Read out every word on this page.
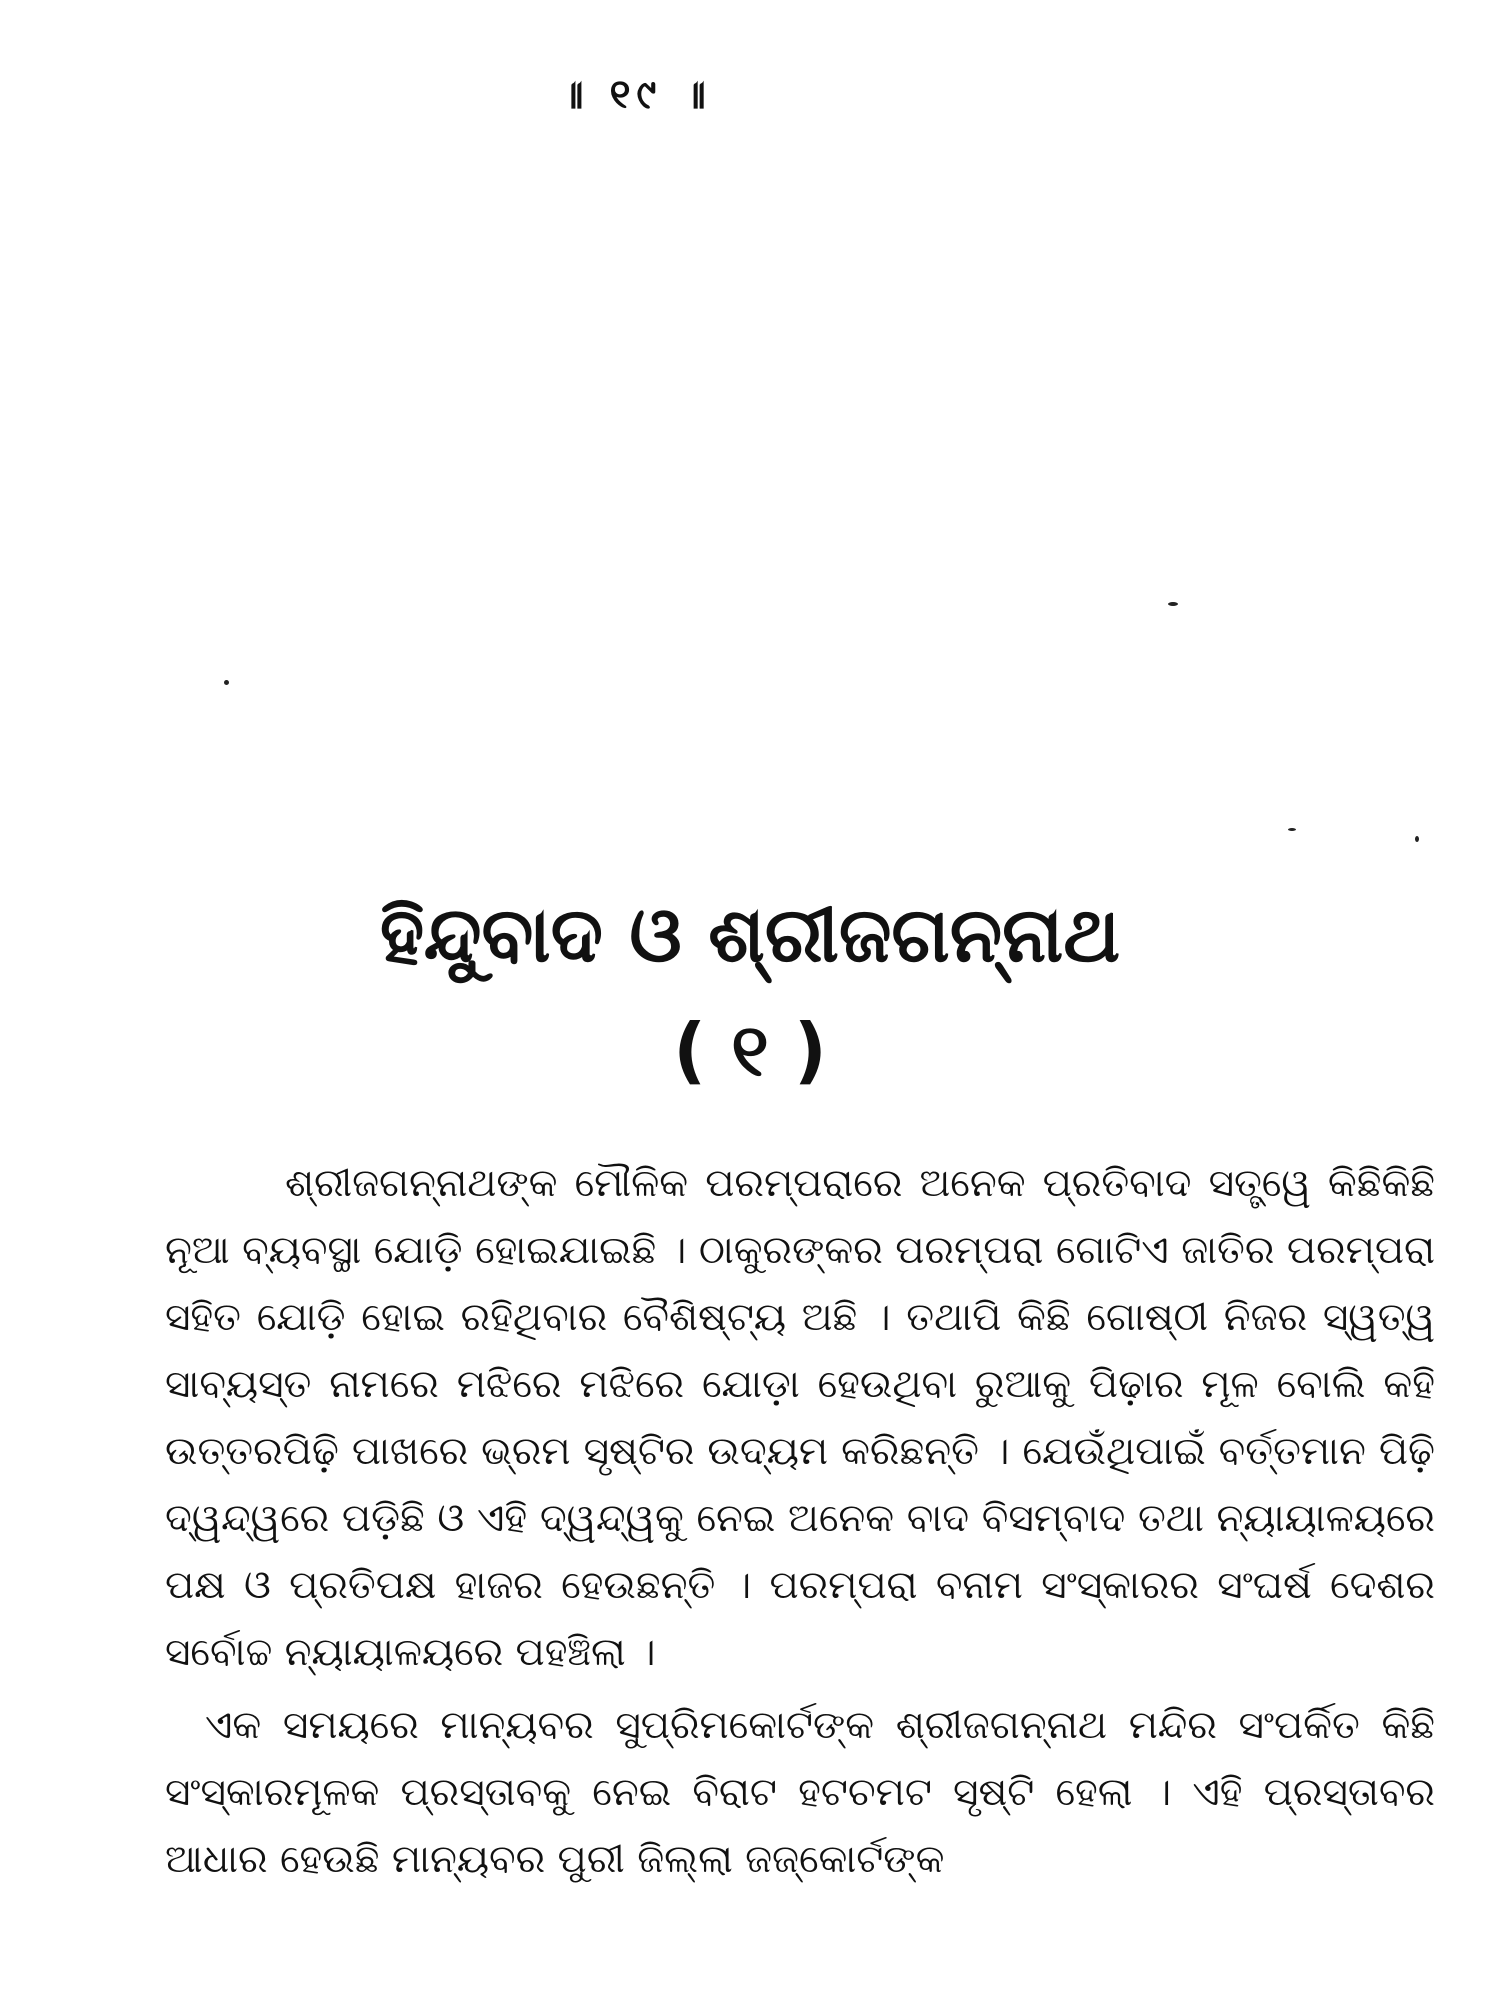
॥ ୧୯ ॥
ହିନ୍ଦୁବାଦ ଓ ଶ୍ରୀଜଗନ୍ନାଥ
( ୧ )

ଶ୍ରୀଜଗନ୍ନାଥଙ୍କ ମୌଳିକ ପରମ୍ପରାରେ ଅନେକ ପ୍ରତିବାଦ ସତ୍ତ୍ୱେ କିଛିକିଛି ନୂଆ ବ୍ୟବସ୍ଥା ଯୋଡ଼ି ହୋଇଯାଇଛି । ଠାକୁରଙ୍କର ପରମ୍ପରା ଗୋଟିଏ ଜାତିର ପରମ୍ପରା ସହିତ ଯୋଡ଼ି ହୋଇ ରହିଥିବାର ବୈଶିଷ୍ଟ୍ୟ ଅଛି । ତଥାପି କିଛି ଗୋଷ୍ଠୀ ନିଜର ସ୍ୱତ୍ୱ ସାବ୍ୟସ୍ତ ନାମରେ ମଝିରେ ମଝିରେ ଯୋଡ଼ା ହେଉଥିବା ରୁଆକୁ ପିଢ଼ାର ମୂଳ ବୋଲି କହି ଉତ୍ତରପିଢ଼ି ପାଖରେ ଭ୍ରମ ସୃଷ୍ଟିର ଉଦ୍ୟମ କରିଛନ୍ତି । ଯେଉଁଥିପାଇଁ ବର୍ତ୍ତମାନ ପିଢ଼ି ଦ୍ୱନ୍ଦ୍ୱରେ ପଡ଼ିଛି ଓ ଏହି ଦ୍ୱନ୍ଦ୍ୱକୁ ନେଇ ଅନେକ ବାଦ ବିସମ୍ବାଦ ତଥା ନ୍ୟାୟାଳୟରେ ପକ୍ଷ ଓ ପ୍ରତିପକ୍ଷ ହାଜର ହେଉଛନ୍ତି । ପରମ୍ପରା ବନାମ ସଂସ୍କାରର ସଂଘର୍ଷ ଦେଶର ସର୍ବୋଚ୍ଚ ନ୍ୟାୟାଳୟରେ ପହଞ୍ଚିଲା ।

ଏକ ସମୟରେ ମାନ୍ୟବର ସୁପ୍ରିମକୋର୍ଟଙ୍କ ଶ୍ରୀଜଗନ୍ନାଥ ମନ୍ଦିର ସଂପର୍କିତ କିଛି ସଂସ୍କାରମୂଳକ ପ୍ରସ୍ତାବକୁ ନେଇ ବିରାଟ ହଟଚମଟ ସୃଷ୍ଟି ହେଲା । ଏହି ପ୍ରସ୍ତାବର ଆଧାର ହେଉଛି ମାନ୍ୟବର ପୁରୀ ଜିଲ୍ଲା ଜଜ୍‌କୋର୍ଟଙ୍କ
